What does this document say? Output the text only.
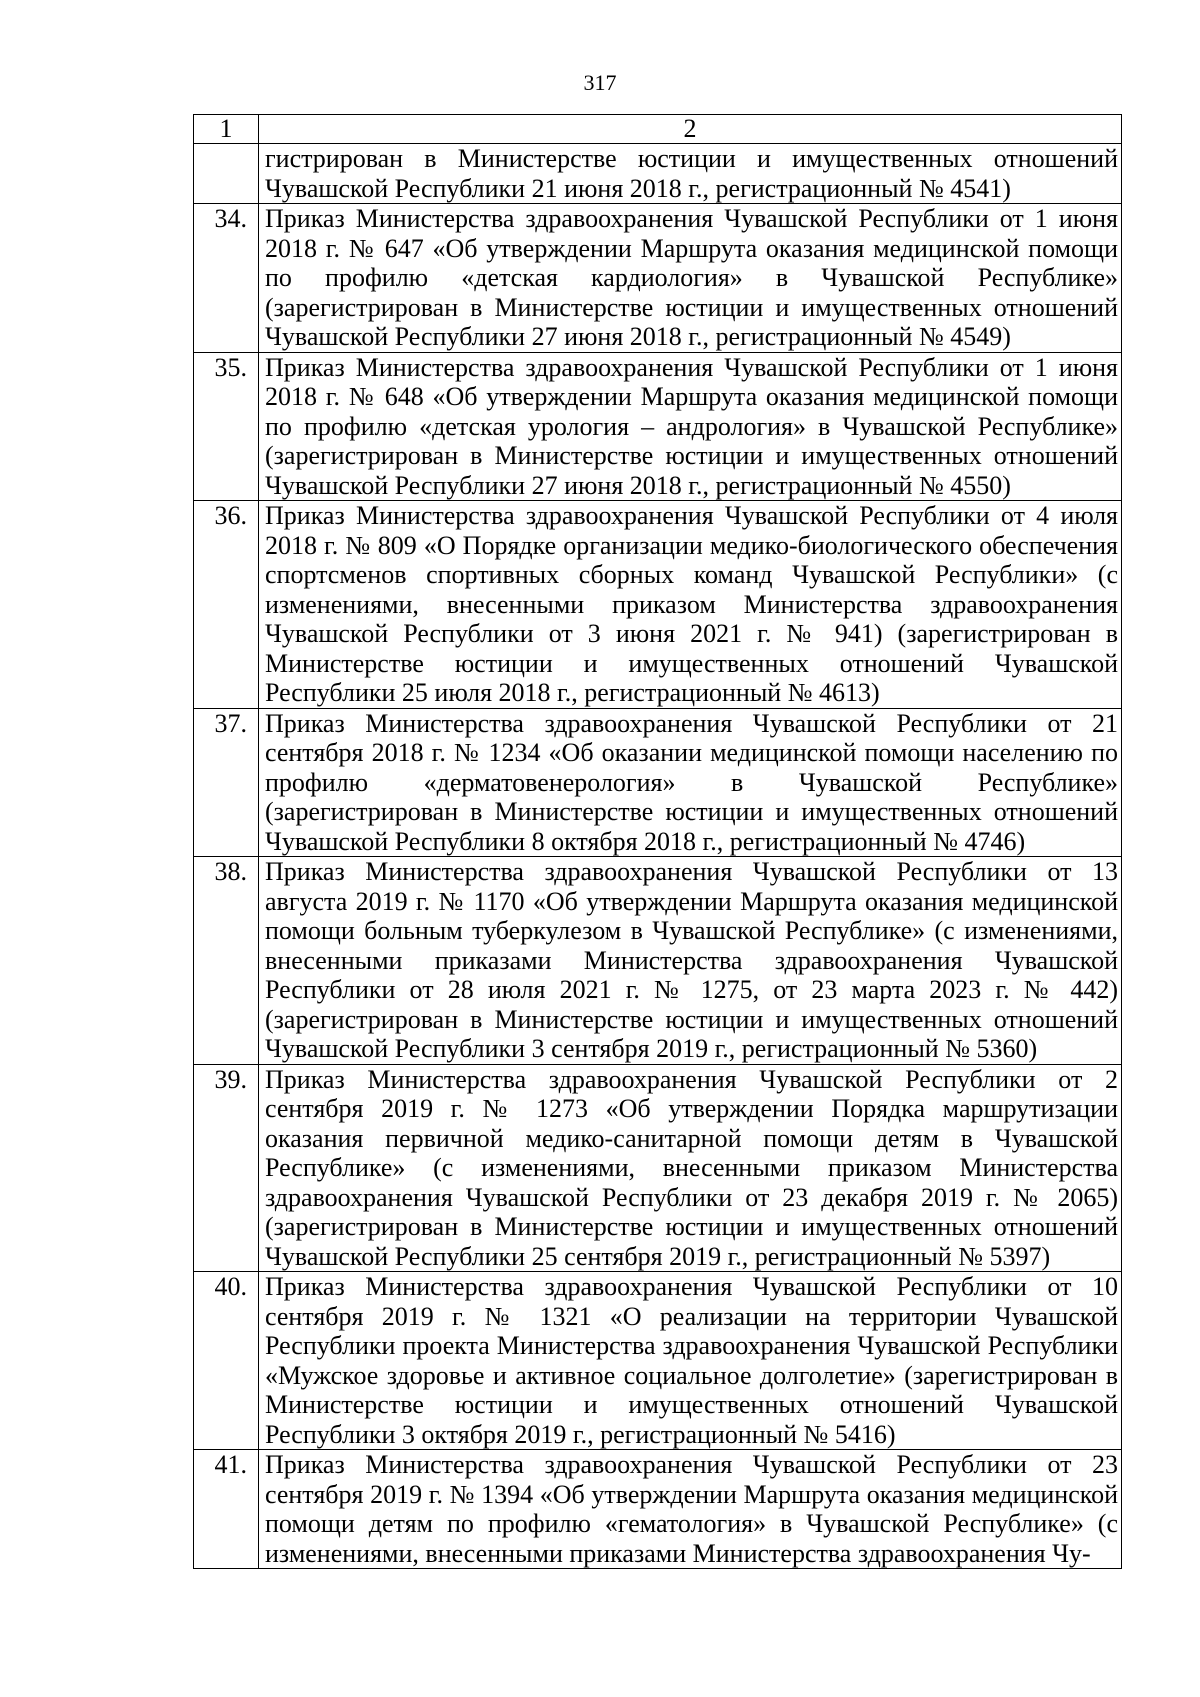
317
1	2
	гистрирован в Министерстве юстиции и имущественных отношений Чувашской Республики 21 июня 2018 г., регистрационный № 4541)
34.	Приказ Министерства здравоохранения Чувашской Республики от 1 июня 2018 г. № 647 «Об утверждении Маршрута оказания медицинской помощи по профилю «детская кардиология» в Чувашской Республике» (зарегистрирован в Министерстве юстиции и имущественных отношений Чувашской Республики 27 июня 2018 г., регистрационный № 4549)
35.	Приказ Министерства здравоохранения Чувашской Республики от 1 июня 2018 г. № 648 «Об утверждении Маршрута оказания медицинской помощи по профилю «детская урология – андрология» в Чувашской Республике» (зарегистрирован в Министерстве юстиции и имущественных отношений Чувашской Республики 27 июня 2018 г., регистрационный № 4550)
36.	Приказ Министерства здравоохранения Чувашской Республики от 4 июля 2018 г. № 809 «О Порядке организации медико-биологического обеспечения спортсменов спортивных сборных команд Чувашской Республики» (с изменениями, внесенными приказом Министерства здравоохранения Чувашской Республики от 3 июня 2021 г. № 941) (зарегистрирован в Министерстве юстиции и имущественных отношений Чувашской Республики 25 июля 2018 г., регистрационный № 4613)
37.	Приказ Министерства здравоохранения Чувашской Республики от 21 сентября 2018 г. № 1234 «Об оказании медицинской помощи населению по профилю «дерматовенерология» в Чувашской Республике» (зарегистрирован в Министерстве юстиции и имущественных отношений Чувашской Республики 8 октября 2018 г., регистрационный № 4746)
38.	Приказ Министерства здравоохранения Чувашской Республики от 13 августа 2019 г. № 1170 «Об утверждении Маршрута оказания медицинской помощи больным туберкулезом в Чувашской Республике» (с изменениями, внесенными приказами Министерства здравоохранения Чувашской Республики от 28 июля 2021 г. № 1275, от 23 марта 2023 г. № 442) (зарегистрирован в Министерстве юстиции и имущественных отношений Чувашской Республики 3 сентября 2019 г., регистрационный № 5360)
39.	Приказ Министерства здравоохранения Чувашской Республики от 2 сентября 2019 г. № 1273 «Об утверждении Порядка маршрутизации оказания первичной медико-санитарной помощи детям в Чувашской Республике» (с изменениями, внесенными приказом Министерства здравоохранения Чувашской Республики от 23 декабря 2019 г. № 2065) (зарегистрирован в Министерстве юстиции и имущественных отношений Чувашской Республики 25 сентября 2019 г., регистрационный № 5397)
40.	Приказ Министерства здравоохранения Чувашской Республики от 10 сентября 2019 г. № 1321 «О реализации на территории Чувашской Республики проекта Министерства здравоохранения Чувашской Республики «Мужское здоровье и активное социальное долголетие» (зарегистрирован в Министерстве юстиции и имущественных отношений Чувашской Республики 3 октября 2019 г., регистрационный № 5416)
41.	Приказ Министерства здравоохранения Чувашской Республики от 23 сентября 2019 г. № 1394 «Об утверждении Маршрута оказания медицинской помощи детям по профилю «гематология» в Чувашской Республике» (с изменениями, внесенными приказами Министерства здравоохранения Чу-
